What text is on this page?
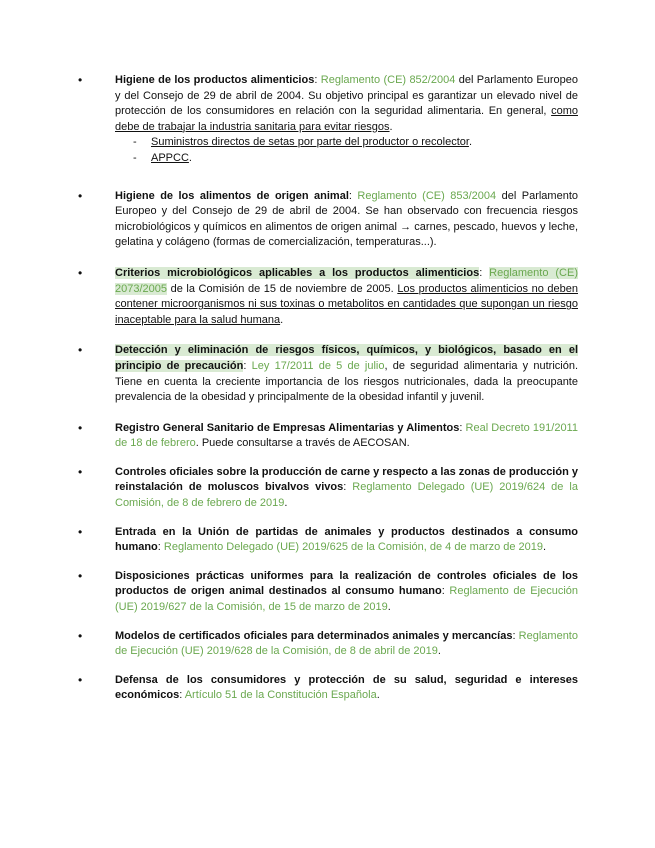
• Higiene de los productos alimenticios: Reglamento (CE) 852/2004 del Parlamento Europeo y del Consejo de 29 de abril de 2004. Su objetivo principal es garantizar un elevado nivel de protección de los consumidores en relación con la seguridad alimentaria. En general, como debe de trabajar la industria sanitaria para evitar riesgos.

- Suministros directos de setas por parte del productor o recolector.
- APPCC.

• Higiene de los alimentos de origen animal: Reglamento (CE) 853/2004 del Parlamento Europeo y del Consejo de 29 de abril de 2004. Se han observado con frecuencia riesgos microbiológicos y químicos en alimentos de origen animal → carnes, pescado, huevos y leche, gelatina y colágeno (formas de comercialización, temperaturas...).

• Criterios microbiológicos aplicables a los productos alimenticios: Reglamento (CE) 2073/2005 de la Comisión de 15 de noviembre de 2005. Los productos alimenticios no deben contener microorganismos ni sus toxinas o metabolitos en cantidades que supongan un riesgo inaceptable para la salud humana.

• Detección y eliminación de riesgos físicos, químicos, y biológicos, basado en el principio de precaución: Ley 17/2011 de 5 de julio, de seguridad alimentaria y nutrición. Tiene en cuenta la creciente importancia de los riesgos nutricionales, dada la preocupante prevalencia de la obesidad y principalmente de la obesidad infantil y juvenil.

• Registro General Sanitario de Empresas Alimentarias y Alimentos: Real Decreto 191/2011 de 18 de febrero. Puede consultarse a través de AECOSAN.

• Controles oficiales sobre la producción de carne y respecto a las zonas de producción y reinstalación de moluscos bivalvos vivos: Reglamento Delegado (UE) 2019/624 de la Comisión, de 8 de febrero de 2019.

• Entrada en la Unión de partidas de animales y productos destinados a consumo humano: Reglamento Delegado (UE) 2019/625 de la Comisión, de 4 de marzo de 2019.

• Disposiciones prácticas uniformes para la realización de controles oficiales de los productos de origen animal destinados al consumo humano: Reglamento de Ejecución (UE) 2019/627 de la Comisión, de 15 de marzo de 2019.

• Modelos de certificados oficiales para determinados animales y mercancías: Reglamento de Ejecución (UE) 2019/628 de la Comisión, de 8 de abril de 2019.

• Defensa de los consumidores y protección de su salud, seguridad e intereses económicos: Artículo 51 de la Constitución Española.
